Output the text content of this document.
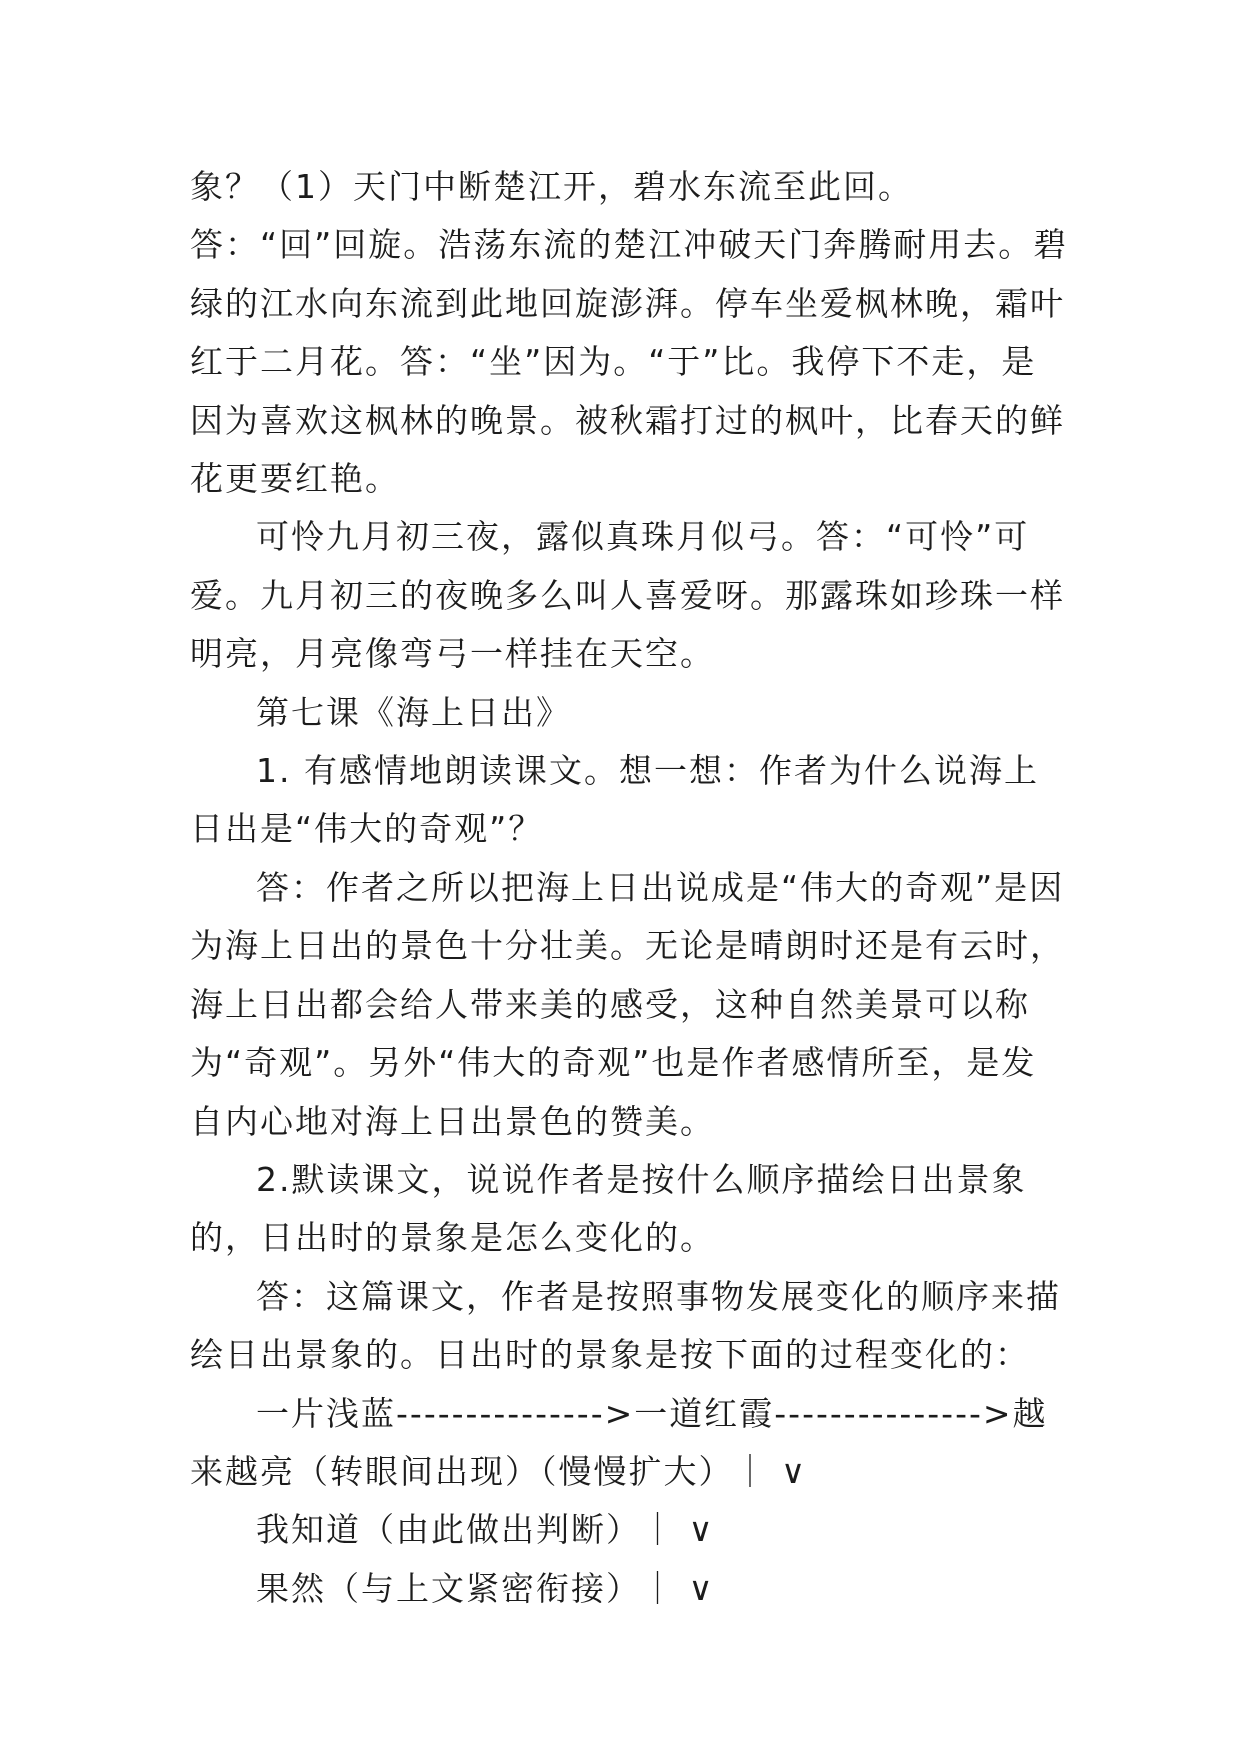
象？（1）天门中断楚江开，碧水东流至此回。答：“回”回旋。浩荡东流的楚江冲破天门奔腾耐用去。碧绿的江水向东流到此地回旋澎湃。停车坐爱枫林晚，霜叶红于二月花。答：“坐”因为。“于”比。我停下不走，是因为喜欢这枫林的晚景。被秋霜打过的枫叶，比春天的鲜花更要红艳。

可怜九月初三夜，露似真珠月似弓。答：“可怜”可爱。九月初三的夜晚多么叫人喜爱呀。那露珠如珍珠一样明亮，月亮像弯弓一样挂在天空。

第七课《海上日出》

1. 有感情地朗读课文。想一想：作者为什么说海上日出是“伟大的奇观”？

答：作者之所以把海上日出说成是“伟大的奇观”是因为海上日出的景色十分壮美。无论是晴朗时还是有云时，海上日出都会给人带来美的感受，这种自然美景可以称为“奇观”。另外“伟大的奇观”也是作者感情所至，是发自内心地对海上日出景色的赞美。

2.默读课文，说说作者是按什么顺序描绘日出景象的，日出时的景象是怎么变化的。

答：这篇课文，作者是按照事物发展变化的顺序来描绘日出景象的。日出时的景象是按下面的过程变化的：

一片浅蓝--------------->一道红霞--------------->越来越亮（转眼间出现）（慢慢扩大）｜ ∨

我知道（由此做出判断）｜ ∨

果然（与上文紧密衔接）｜ ∨
